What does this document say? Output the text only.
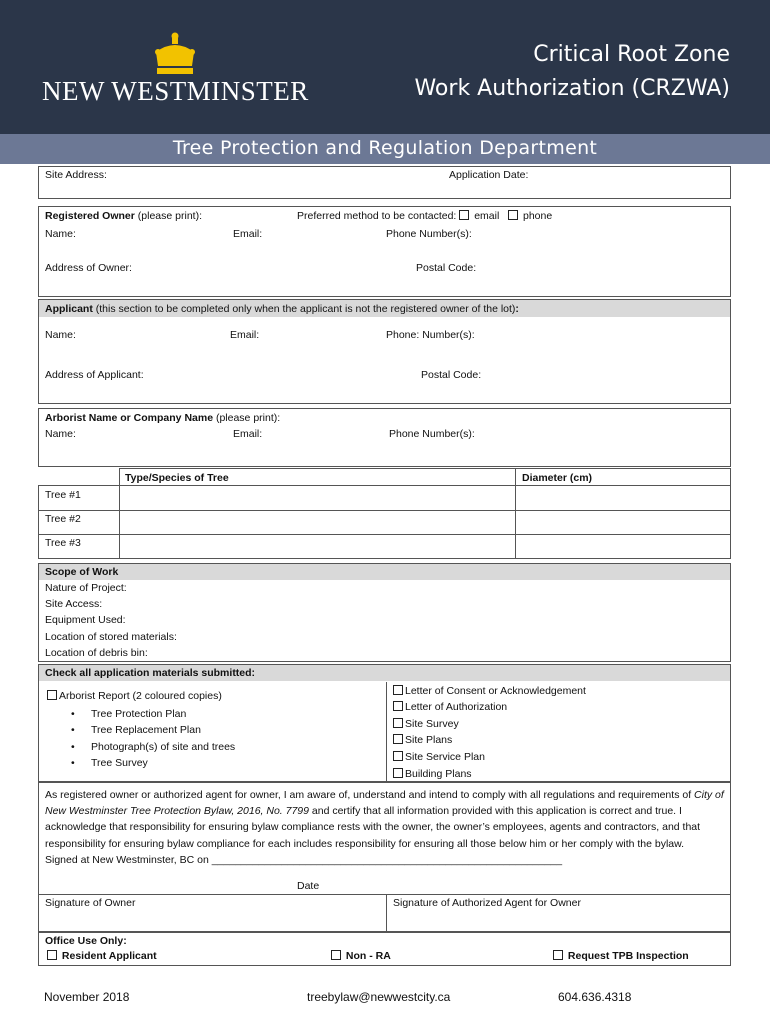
NEW WESTMINSTER
Critical Root Zone
Work Authorization (CRZWA)
Tree Protection and Regulation Department
Site Address:	Application Date:
Registered Owner (please print):	Preferred method to be contacted: email phone
Name:	Email:	Phone Number(s):
Address of Owner:	Postal Code:
Applicant (this section to be completed only when the applicant is not the registered owner of the lot):
Name:	Email:	Phone: Number(s):
Address of Applicant:	Postal Code:
Arborist Name or Company Name (please print):
Name:	Email:	Phone Number(s):
Type/Species of Tree	Diameter (cm)
Tree #1
Tree #2
Tree #3
Scope of Work
Nature of Project:
Site Access:
Equipment Used:
Location of stored materials:
Location of debris bin:
Check all application materials submitted:
Arborist Report (2 coloured copies)
• Tree Protection Plan
• Tree Replacement Plan
• Photograph(s) of site and trees
• Tree Survey
Letter of Consent or Acknowledgement
Letter of Authorization
Site Survey
Site Plans
Site Service Plan
Building Plans
As registered owner or authorized agent for owner, I am aware of, understand and intend to comply with all regulations and requirements of City of New Westminster Tree Protection Bylaw, 2016, No. 7799 and certify that all information provided with this application is correct and true. I acknowledge that responsibility for ensuring bylaw compliance rests with the owner, the owner’s employees, agents and contractors, and that responsibility for ensuring bylaw compliance for each includes responsibility for ensuring all those below him or her comply with the bylaw.
Signed at New Westminster, BC on ____________________________________________________________
Date
Signature of Owner	Signature of Authorized Agent for Owner
Office Use Only:
Resident Applicant	Non - RA	Request TPB Inspection
November 2018	treebylaw@newwestcity.ca	604.636.4318
